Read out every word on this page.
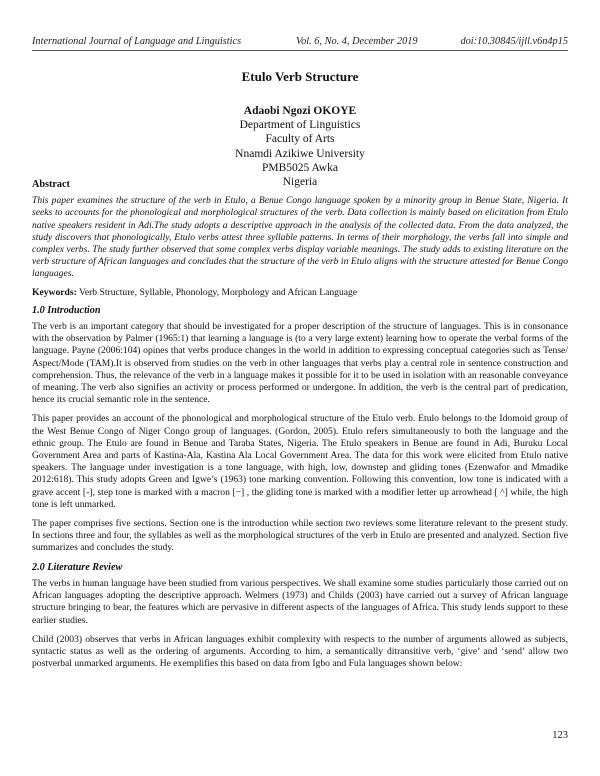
International Journal of Language and Linguistics	Vol. 6, No. 4, December 2019	doi:10.30845/ijll.v6n4p15
Etulo Verb Structure
Adaobi Ngozi OKOYE
Department of Linguistics
Faculty of Arts
Nnamdi Azikiwe University
PMB5025 Awka
Nigeria

Abstract

This paper examines the structure of the verb in Etulo, a Benue Congo language spoken by a minority group in Benue State, Nigeria. It seeks to accounts for the phonological and morphological structures of the verb. Data collection is mainly based on elicitation from Etulo native speakers resident in Adi.The study adopts a descriptive approach in the analysis of the collected data. From the data analyzed, the study discovers that phonologically, Etulo verbs attest three syllable patterns. In terms of their morphology, the verbs fall into simple and complex verbs. The study further observed that some complex verbs display variable meanings. The study adds to existing literature on the verb structure of African languages and concludes that the structure of the verb in Etulo aligns with the structure attested for Benue Congo languages.

Keywords: Verb Structure, Syllable, Phonology, Morphology and African Language

1.0 Introduction

The verb is an important category that should be investigated for a proper description of the structure of languages. This is in consonance with the observation by Palmer (1965:1) that learning a language is (to a very large extent) learning how to operate the verbal forms of the language. Payne (2006:104) opines that verbs produce changes in the world in addition to expressing conceptual categories such as Tense/ Aspect/Mode (TAM).It is observed from studies on the verb in other languages that verbs play a central role in sentence construction and comprehension. Thus, the relevance of the verb in a language makes it possible for it to be used in isolation with an reasonable conveyance of meaning. The verb also signifies an activity or process performed or undergone. In addition, the verb is the central part of predication, hence its crucial semantic role in the sentence.

This paper provides an account of the phonological and morphological structure of the Etulo verb. Etulo belongs to the Idomoid group of the West Benue Congo of Niger Congo group of languages. (Gordon, 2005). Etulo refers simultaneously to both the language and the ethnic group. The Etulo are found in Benue and Taraba States, Nigeria. The Etulo speakers in Benue are found in Adi, Buruku Local Government Area and parts of Kastina-Ala, Kastina Ala Local Government Area. The data for this work were elicited from Etulo native speakers. The language under investigation is a tone language, with high, low, downstep and gliding tones (Ezenwafor and Mmadike 2012:618). This study adopts Green and Igwe’s (1963) tone marking convention. Following this convention, low tone is indicated with a grave accent [-], step tone is marked with a macron [−] , the gliding tone is marked with a modifier letter up arrowhead [ ^] while, the high tone is left unmarked.

The paper comprises five sections. Section one is the introduction while section two reviews some literature relevant to the present study. In sections three and four, the syllables as well as the morphological structures of the verb in Etulo are presented and analyzed. Section five summarizes and concludes the study.

2.0 Literature Review

The verbs in human language have been studied from various perspectives. We shall examine some studies particularly those carried out on African languages adopting the descriptive approach. Welmers (1973) and Childs (2003) have carried out a survey of African language structure bringing to bear, the features which are pervasive in different aspects of the languages of Africa. This study lends support to these earlier studies.

Child (2003) observes that verbs in African languages exhibit complexity with respects to the number of arguments allowed as subjects, syntactic status as well as the ordering of arguments. According to him, a semantically ditransitive verb, ‘give’ and ‘send’ allow two postverbal unmarked arguments. He exemplifies this based on data from Igbo and Fula languages shown below:

123
